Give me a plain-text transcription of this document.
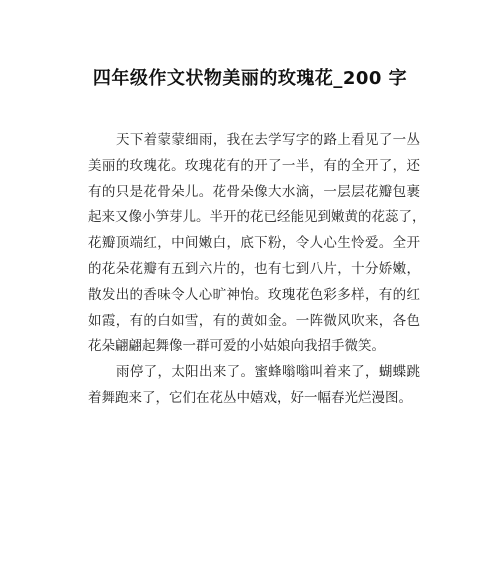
四年级作文状物美丽的玫瑰花_200 字
天下着蒙蒙细雨，我在去学写字的路上看见了一丛
美丽的玫瑰花。玫瑰花有的开了一半，有的全开了，还
有的只是花骨朵儿。花骨朵像大水滴，一层层花瓣包裹
起来又像小笋芽儿。半开的花已经能见到嫩黄的花蕊了，
花瓣顶端红，中间嫩白，底下粉，令人心生怜爱。全开
的花朵花瓣有五到六片的，也有七到八片，十分娇嫩，
散发出的香味令人心旷神怡。玫瑰花色彩多样，有的红
如霞，有的白如雪，有的黄如金。一阵微风吹来，各色
花朵翩翩起舞像一群可爱的小姑娘向我招手微笑。
雨停了，太阳出来了。蜜蜂嗡嗡叫着来了，蝴蝶跳
着舞跑来了，它们在花丛中嬉戏，好一幅春光烂漫图。
